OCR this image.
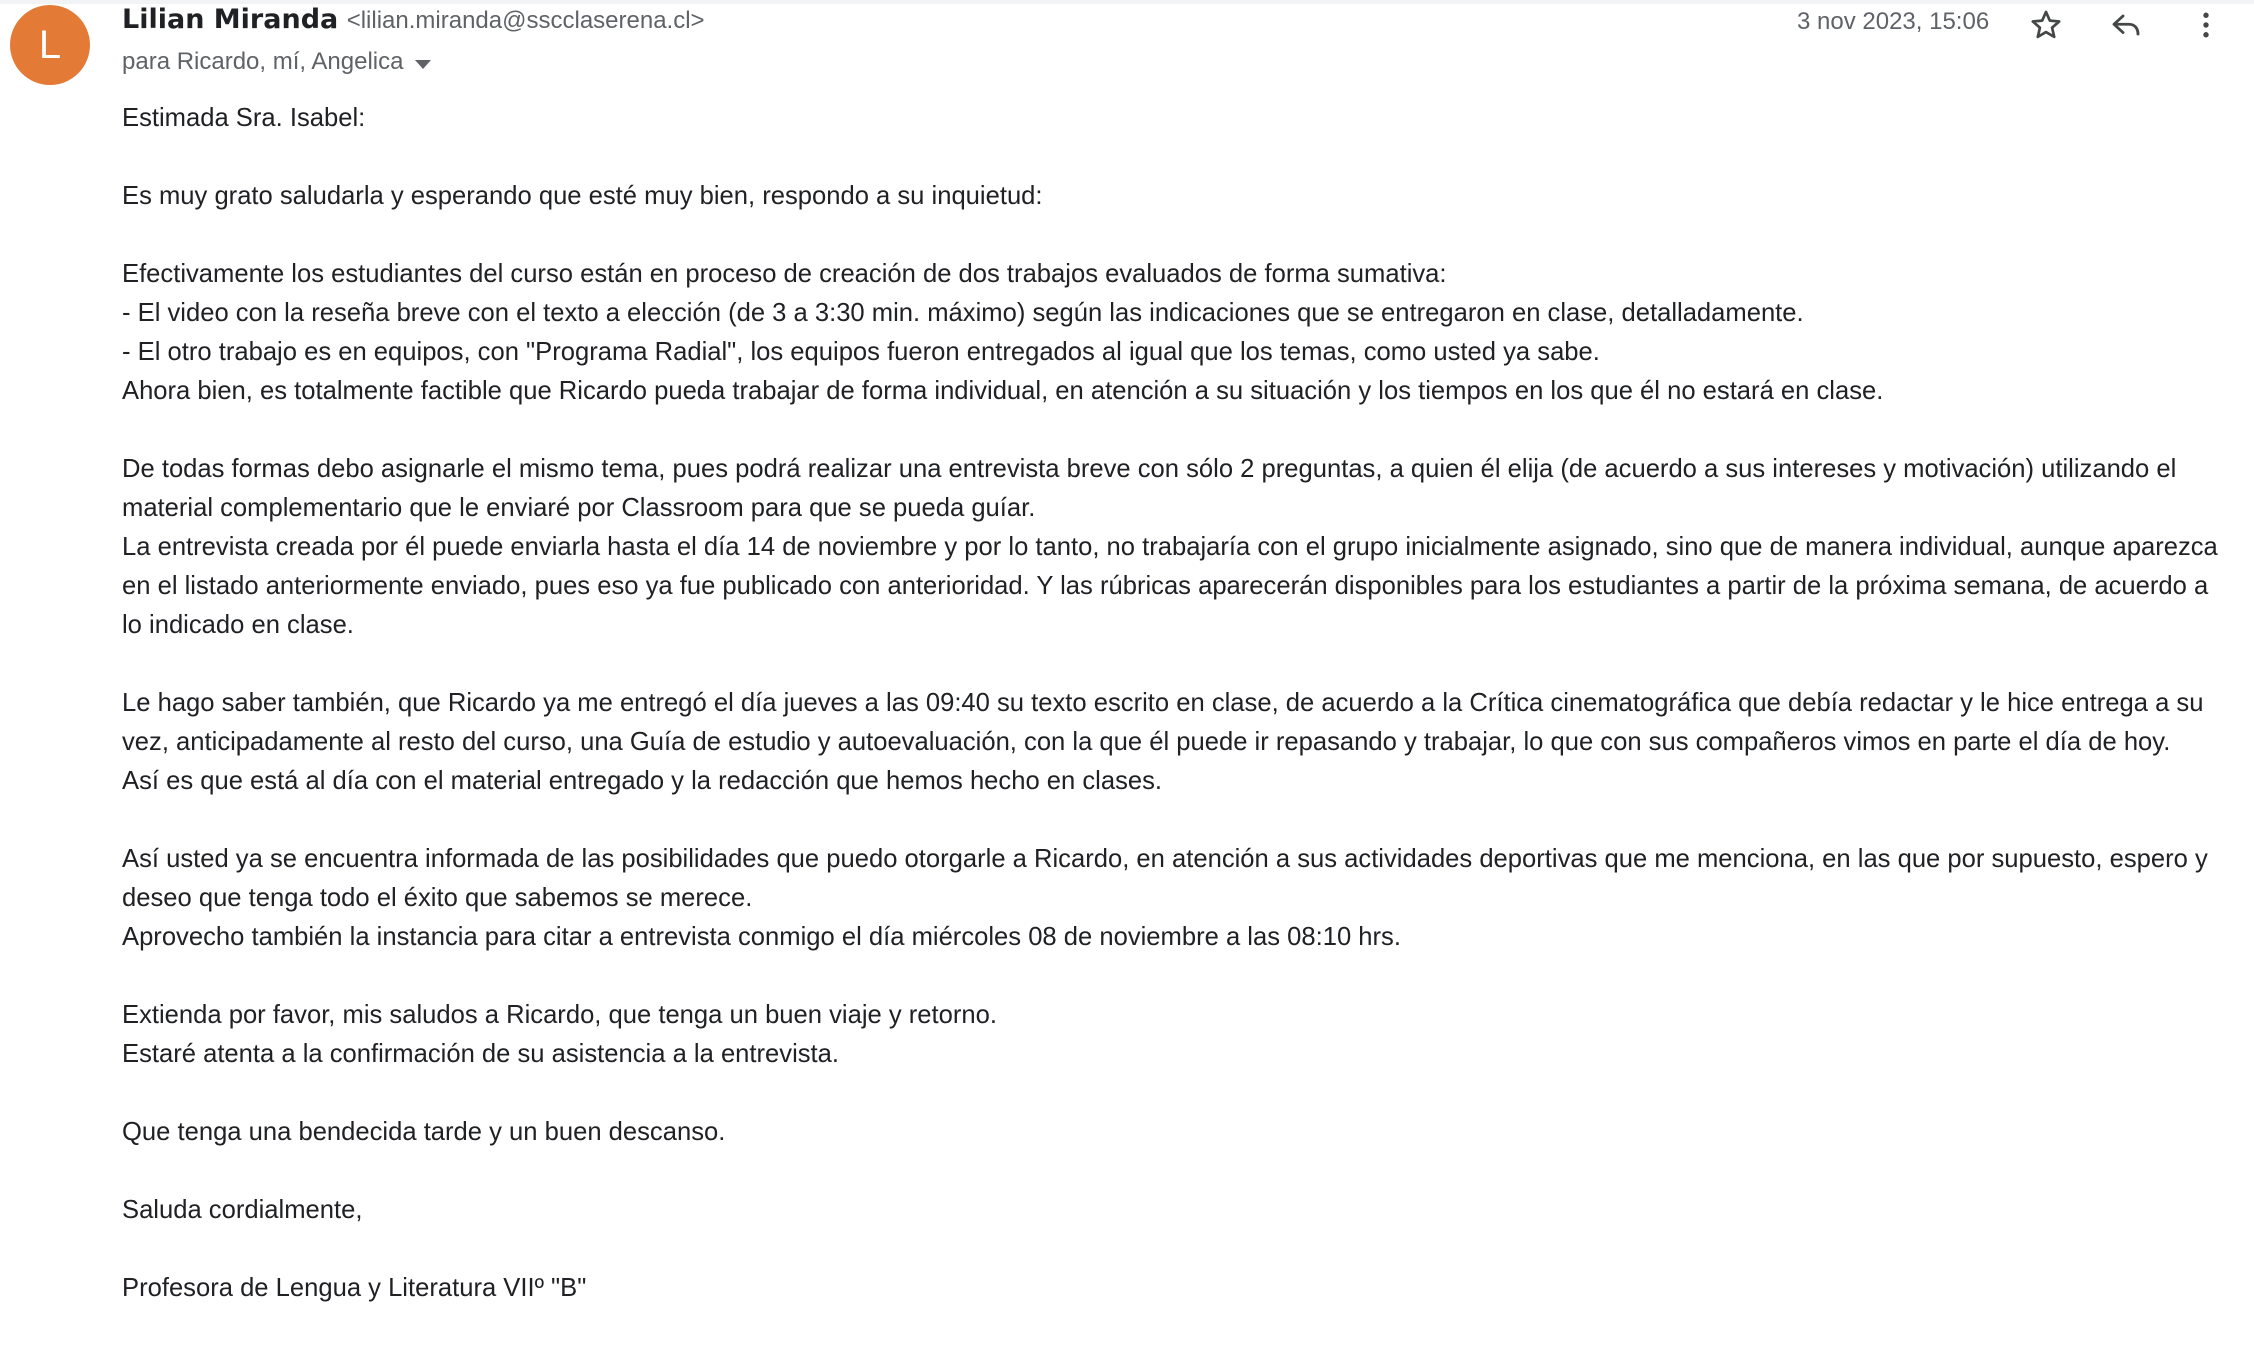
L
Lilian Miranda <lilian.miranda@sscclaserena.cl>
para Ricardo, mí, Angelica
3 nov 2023, 15:06

Estimada Sra. Isabel:

Es muy grato saludarla y esperando que esté muy bien, respondo a su inquietud:

Efectivamente los estudiantes del curso están en proceso de creación de dos trabajos evaluados de forma sumativa:

- El video con la reseña breve con el texto a elección (de 3 a 3:30 min. máximo) según las indicaciones que se entregaron en clase, detalladamente.

- El otro trabajo es en equipos, con "Programa Radial", los equipos fueron entregados al igual que los temas, como usted ya sabe.

Ahora bien, es totalmente factible que Ricardo pueda trabajar de forma individual, en atención a su situación y los tiempos en los que él no estará en clase.

De todas formas debo asignarle el mismo tema, pues podrá realizar una entrevista breve con sólo 2 preguntas, a quien él elija (de acuerdo a sus intereses y motivación) utilizando el material complementario que le enviaré por Classroom para que se pueda guíar.

La entrevista creada por él puede enviarla hasta el día 14 de noviembre y por lo tanto, no trabajaría con el grupo inicialmente asignado, sino que de manera individual, aunque aparezca en el listado anteriormente enviado, pues eso ya fue publicado con anterioridad. Y las rúbricas aparecerán disponibles para los estudiantes a partir de la próxima semana, de acuerdo a lo indicado en clase.

Le hago saber también, que Ricardo ya me entregó el día jueves a las 09:40 su texto escrito en clase, de acuerdo a la Crítica cinematográfica que debía redactar y le hice entrega a su vez, anticipadamente al resto del curso, una Guía de estudio y autoevaluación, con la que él puede ir repasando y trabajar, lo que con sus compañeros vimos en parte el día de hoy.

Así es que está al día con el material entregado y la redacción que hemos hecho en clases.

Así usted ya se encuentra informada de las posibilidades que puedo otorgarle a Ricardo, en atención a sus actividades deportivas que me menciona, en las que por supuesto, espero y deseo que tenga todo el éxito que sabemos se merece.

Aprovecho también la instancia para citar a entrevista conmigo el día miércoles 08 de noviembre a las 08:10 hrs.

Extienda por favor, mis saludos a Ricardo, que tenga un buen viaje y retorno.

Estaré atenta a la confirmación de su asistencia a la entrevista.

Que tenga una bendecida tarde y un buen descanso.

Saluda cordialmente,

Profesora de Lengua y Literatura VIIº "B"
